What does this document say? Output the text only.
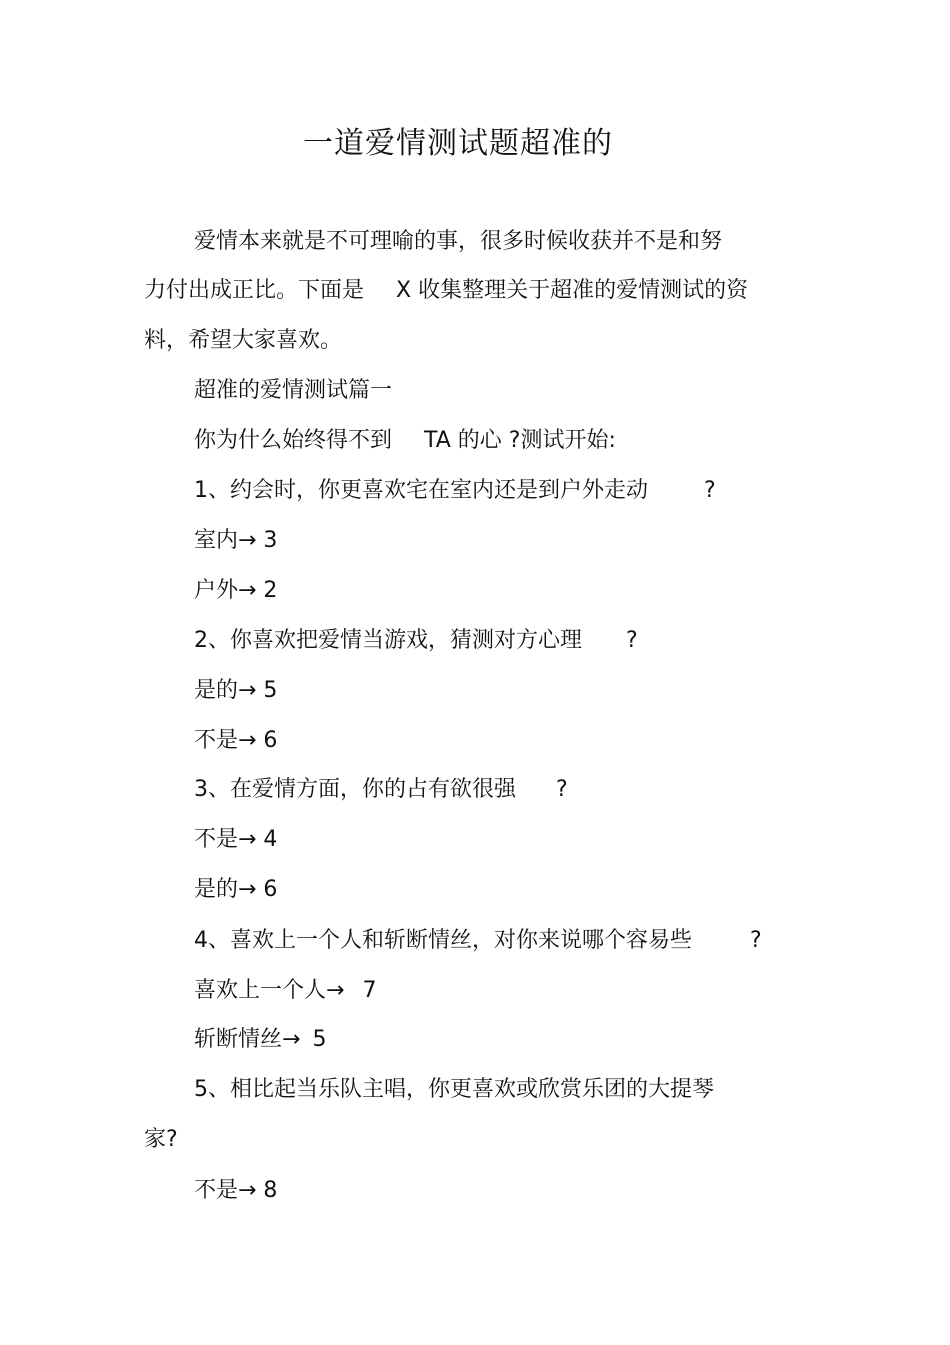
一道爱情测试题超准的

爱情本来就是不可理喻的事，很多时候收获并不是和努

力付出成正比。下面是 X 收集整理关于超准的爱情测试的资

料，希望大家喜欢。

超准的爱情测试篇一

你为什么始终得不到 TA 的心 ?测试开始:

1、约会时，你更喜欢宅在室内还是到户外走动	?

室内→ 3

户外→ 2

2、你喜欢把爱情当游戏，猜测对方心理 ?

是的→ 5

不是→ 6

3、在爱情方面，你的占有欲很强 ?

不是→ 4

是的→ 6

4、喜欢上一个人和斩断情丝，对你来说哪个容易些	?

喜欢上一个人→ 7

斩断情丝→ 5

5、相比起当乐队主唱，你更喜欢或欣赏乐团的大提琴

家?

不是→ 8
